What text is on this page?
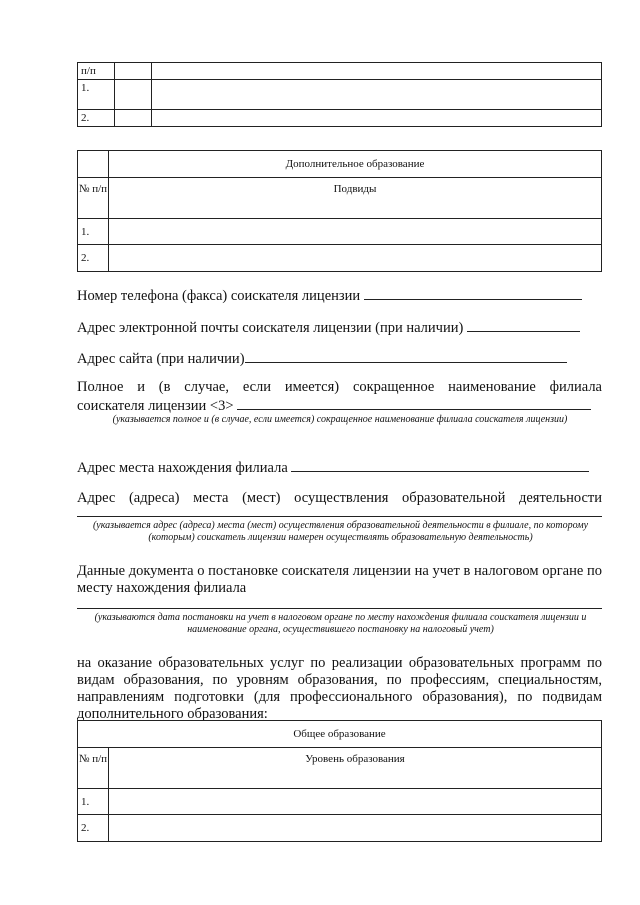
п/п		
1.		
2.		
	Дополнительное образование
№ п/п	Подвиды
1.	
2.	
Номер телефона (факса) соискателя лицензии
Адрес электронной почты соискателя лицензии (при наличии)
Адрес сайта (при наличии)
Полное и (в случае, если имеется) сокращенное наименование филиала
соискателя лицензии <3>
(указывается полное и (в случае, если имеется) сокращенное наименование филиала соискателя лицензии)
Адрес места нахождения филиала
Адрес (адреса) места (мест) осуществления образовательной деятельности
(указывается адрес (адреса) места (мест) осуществления образовательной деятельности в филиале, по которому (которым) соискатель лицензии намерен осуществлять образовательную деятельность)
Данные документа о постановке соискателя лицензии на учет в налоговом органе по месту нахождения филиала
(указываются дата постановки на учет в налоговом органе по месту нахождения филиала соискателя лицензии и наименование органа, осуществившего постановку на налоговый учет)
на оказание образовательных услуг по реализации образовательных программ по видам образования, по уровням образования, по профессиям, специальностям, направлениям подготовки (для профессионального образования), по подвидам дополнительного образования:
Общее образование	
№ п/п	Уровень образования
1.	
2.	
